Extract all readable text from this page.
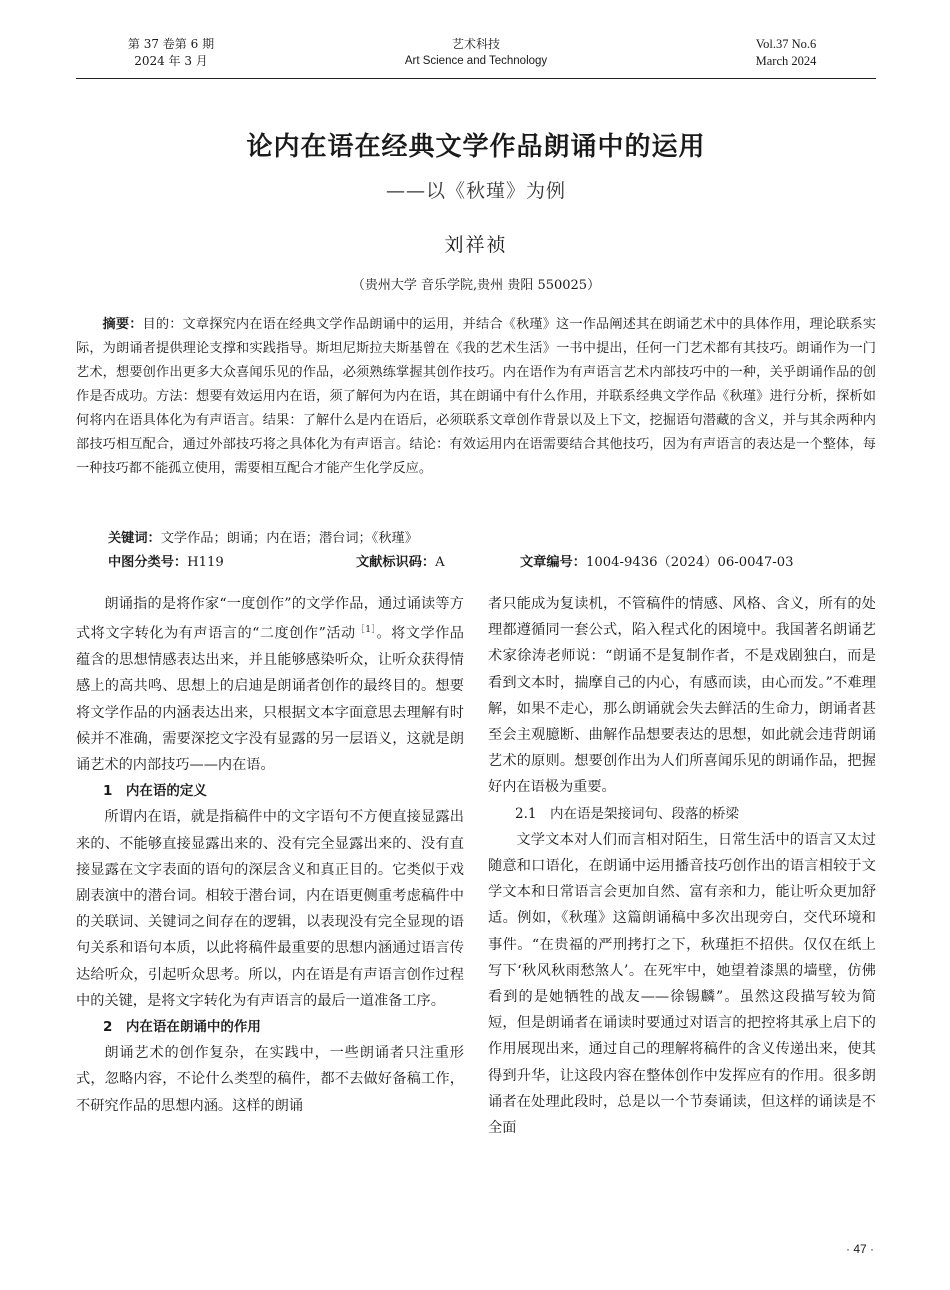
第 37 卷第 6 期
2024 年 3 月
艺术科技
Art Science and Technology
Vol.37 No.6
March 2024
论内在语在经典文学作品朗诵中的运用
——以《秋瑾》为例
刘祥祯
（贵州大学 音乐学院,贵州 贵阳 550025）
  摘要：目的：文章探究内在语在经典文学作品朗诵中的运用，并结合《秋瑾》这一作品阐述其在朗诵艺术中的具体作用，理论联系实际，为朗诵者提供理论支撑和实践指导。斯坦尼斯拉夫斯基曾在《我的艺术生活》一书中提出，任何一门艺术都有其技巧。朗诵作为一门艺术，想要创作出更多大众喜闻乐见的作品，必须熟练掌握其创作技巧。内在语作为有声语言艺术内部技巧中的一种，关乎朗诵作品的创作是否成功。方法：想要有效运用内在语，须了解何为内在语，其在朗诵中有什么作用，并联系经典文学作品《秋瑾》进行分析，探析如何将内在语具体化为有声语言。结果：了解什么是内在语后，必须联系文章创作背景以及上下文，挖掘语句潜藏的含义，并与其余两种内部技巧相互配合，通过外部技巧将之具体化为有声语言。结论：有效运用内在语需要结合其他技巧，因为有声语言的表达是一个整体，每一种技巧都不能孤立使用，需要相互配合才能产生化学反应。
关键词：文学作品；朗诵；内在语；潜台词；《秋瑾》
中图分类号：H119	文献标识码：A	文章编号：1004-9436（2024）06-0047-03

朗诵指的是将作家“一度创作”的文学作品，通过诵读等方式将文字转化为有声语言的“二度创作”活动$^{[1]}$。将文学作品蕴含的思想情感表达出来，并且能够感染听众，让听众获得情感上的高共鸣、思想上的启迪是朗诵者创作的最终目的。想要将文学作品的内涵表达出来，只根据文本字面意思去理解有时候并不准确，需要深挖文字没有显露的另一层语义，这就是朗诵艺术的内部技巧——内在语。

1　内在语的定义

所谓内在语，就是指稿件中的文字语句不方便直接显露出来的、不能够直接显露出来的、没有完全显露出来的、没有直接显露在文字表面的语句的深层含义和真正目的。它类似于戏剧表演中的潜台词。相较于潜台词，内在语更侧重考虑稿件中的关联词、关键词之间存在的逻辑，以表现没有完全显现的语句关系和语句本质，以此将稿件最重要的思想内涵通过语言传达给听众，引起听众思考。所以，内在语是有声语言创作过程中的关键，是将文字转化为有声语言的最后一道准备工序。

2　内在语在朗诵中的作用

朗诵艺术的创作复杂，在实践中，一些朗诵者只注重形式，忽略内容，不论什么类型的稿件，都不去做好备稿工作，不研究作品的思想内涵。这样的朗诵

者只能成为复读机，不管稿件的情感、风格、含义，所有的处理都遵循同一套公式，陷入程式化的困境中。我国著名朗诵艺术家徐涛老师说：“朗诵不是复制作者，不是戏剧独白，而是看到文本时，揣摩自己的内心，有感而读，由心而发。”不难理解，如果不走心，那么朗诵就会失去鲜活的生命力，朗诵者甚至会主观臆断、曲解作品想要表达的思想，如此就会违背朗诵艺术的原则。想要创作出为人们所喜闻乐见的朗诵作品，把握好内在语极为重要。

2.1　内在语是架接词句、段落的桥梁

文学文本对人们而言相对陌生，日常生活中的语言又太过随意和口语化，在朗诵中运用播音技巧创作出的语言相较于文学文本和日常语言会更加自然、富有亲和力，能让听众更加舒适。例如，《秋瑾》这篇朗诵稿中多次出现旁白，交代环境和事件。“在贵福的严刑拷打之下，秋瑾拒不招供。仅仅在纸上写下‘秋风秋雨愁煞人’。在死牢中，她望着漆黑的墙壁，仿佛看到的是她牺牲的战友——徐锡麟”。虽然这段描写较为简短，但是朗诵者在诵读时要通过对语言的把控将其承上启下的作用展现出来，通过自己的理解将稿件的含义传递出来，使其得到升华，让这段内容在整体创作中发挥应有的作用。很多朗诵者在处理此段时，总是以一个节奏诵读，但这样的诵读是不全面

· 47 ·
